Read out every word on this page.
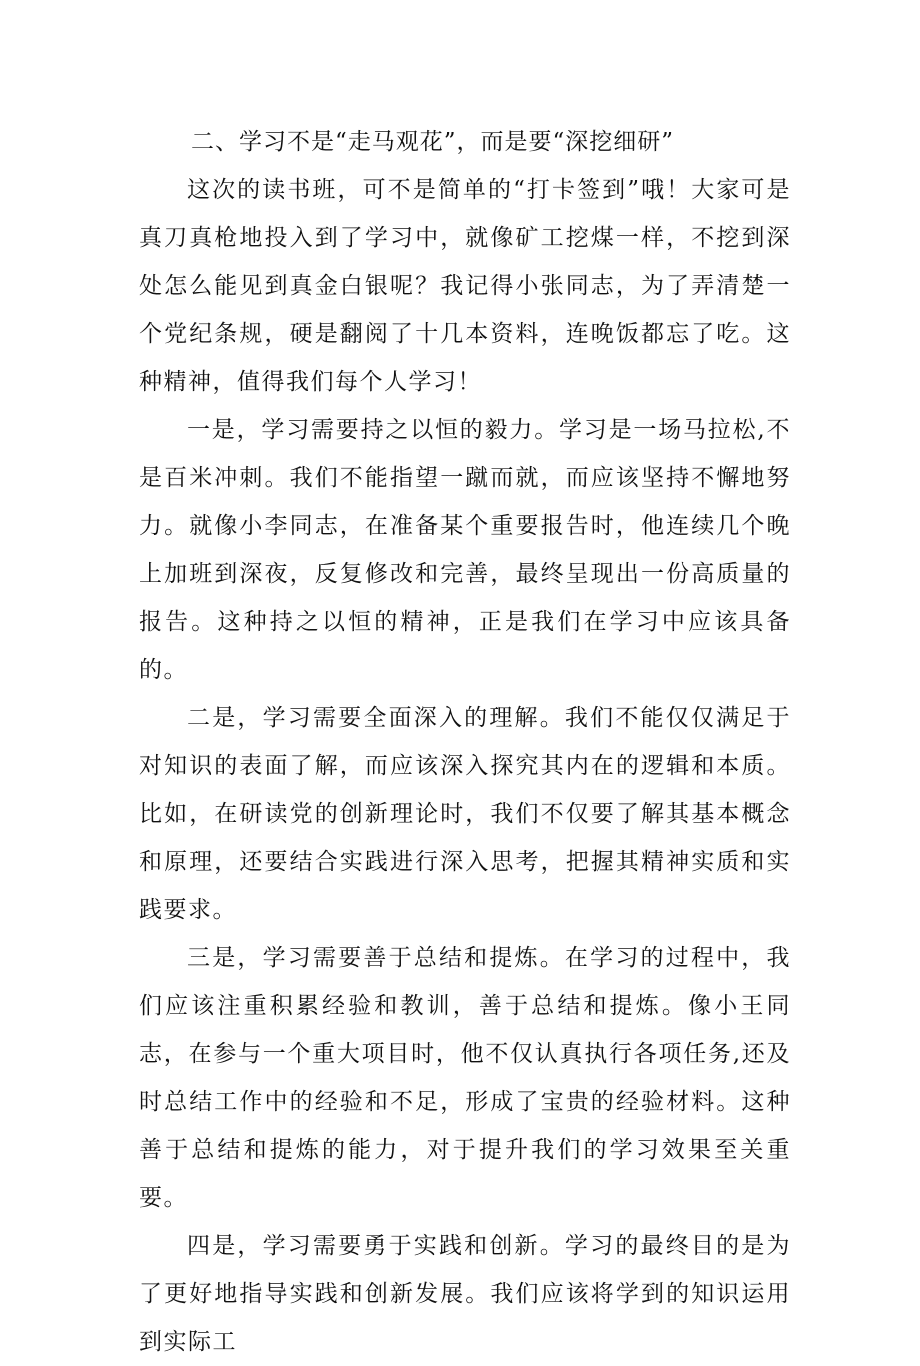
二、学习不是“走马观花”，而是要“深挖细研”

这次的读书班，可不是简单的“打卡签到”哦！大家可是真刀真枪地投入到了学习中，就像矿工挖煤一样，不挖到深处怎么能见到真金白银呢？我记得小张同志，为了弄清楚一个党纪条规，硬是翻阅了十几本资料，连晚饭都忘了吃。这种精神，值得我们每个人学习！

一是，学习需要持之以恒的毅力。学习是一场马拉松,不是百米冲刺。我们不能指望一蹴而就，而应该坚持不懈地努力。就像小李同志，在准备某个重要报告时，他连续几个晚上加班到深夜，反复修改和完善，最终呈现出一份高质量的报告。这种持之以恒的精神，正是我们在学习中应该具备的。

二是，学习需要全面深入的理解。我们不能仅仅满足于对知识的表面了解，而应该深入探究其内在的逻辑和本质。比如，在研读党的创新理论时，我们不仅要了解其基本概念和原理，还要结合实践进行深入思考，把握其精神实质和实践要求。

三是，学习需要善于总结和提炼。在学习的过程中，我们应该注重积累经验和教训，善于总结和提炼。像小王同志，在参与一个重大项目时，他不仅认真执行各项任务,还及时总结工作中的经验和不足，形成了宝贵的经验材料。这种善于总结和提炼的能力，对于提升我们的学习效果至关重要。

四是，学习需要勇于实践和创新。学习的最终目的是为了更好地指导实践和创新发展。我们应该将学到的知识运用到实际工
